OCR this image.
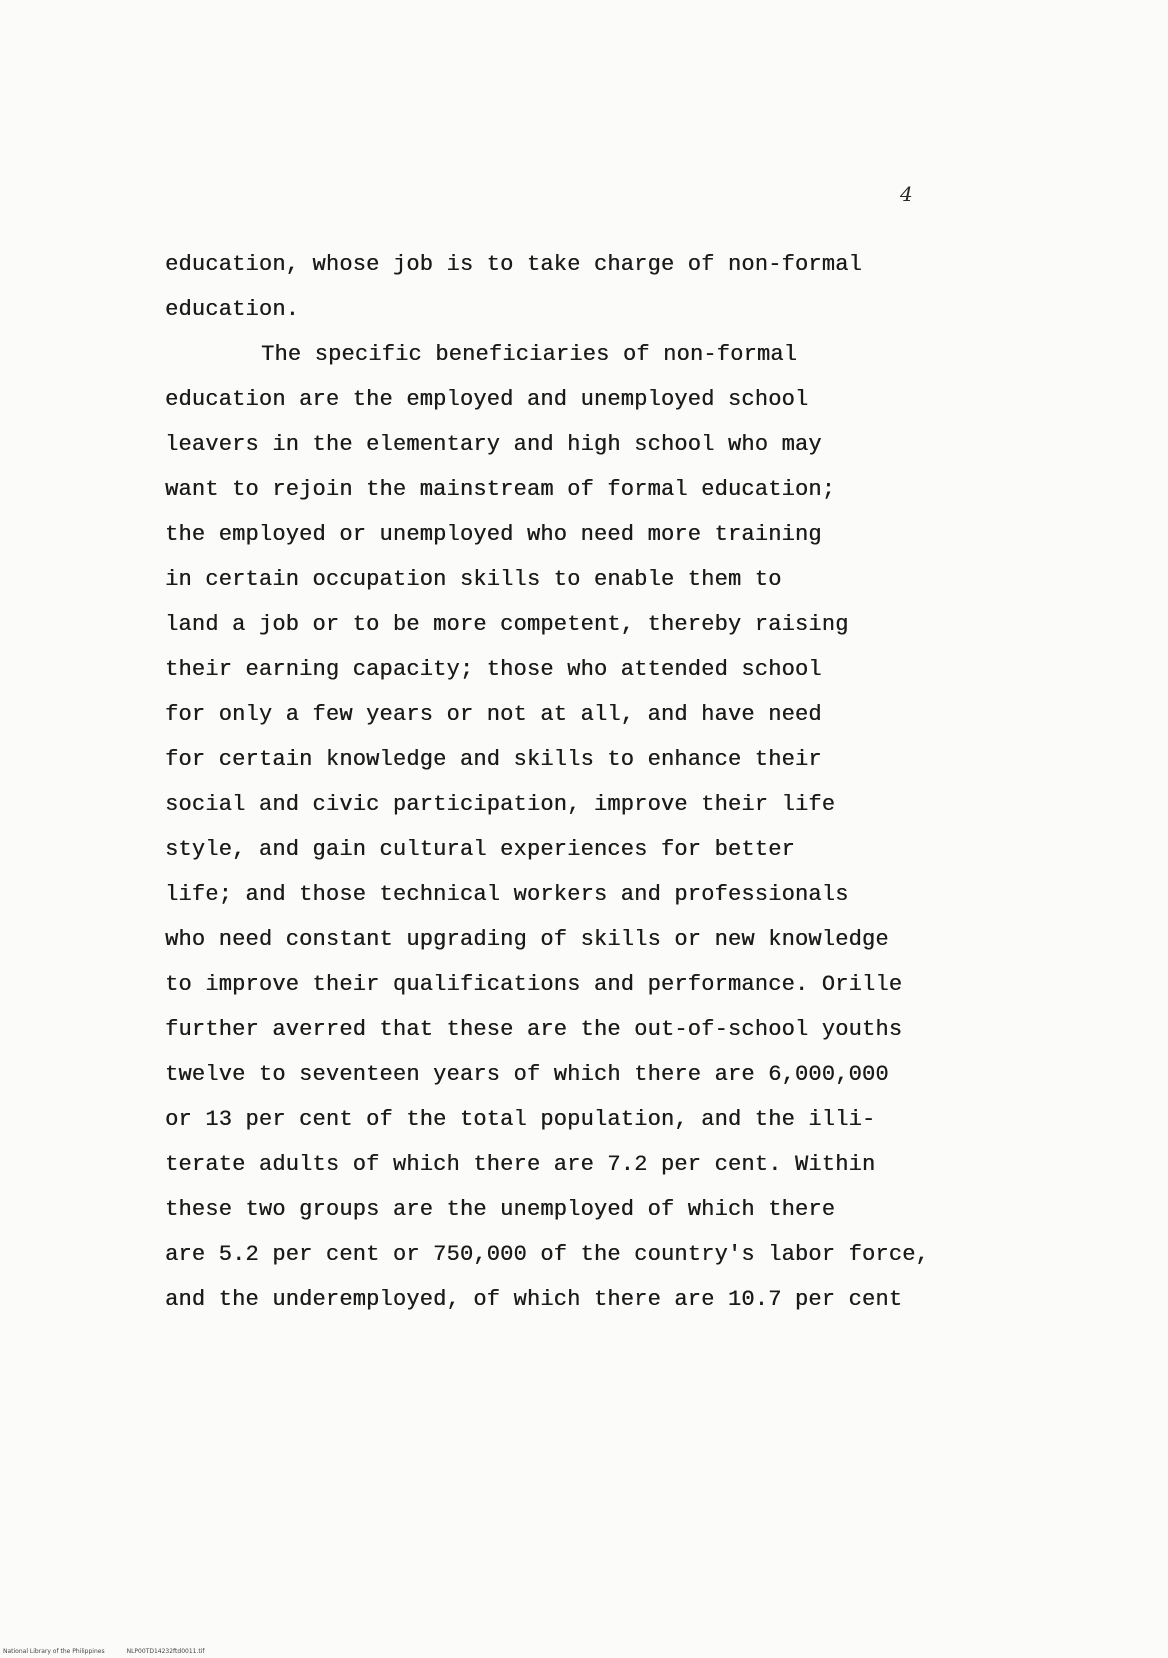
4
education, whose job is to take charge of non-formal
education.
The specific beneficiaries of non-formal
education are the employed and unemployed school
leavers in the elementary and high school who may
want to rejoin the mainstream of formal education;
the employed or unemployed who need more training
in certain occupation skills to enable them to
land a job or to be more competent, thereby raising
their earning capacity; those who attended school
for only a few years or not at all, and have need
for certain knowledge and skills to enhance their
social and civic participation, improve their life
style, and gain cultural experiences for better
life; and those technical workers and professionals
who need constant upgrading of skills or new knowledge
to improve their qualifications and performance. Orille
further averred that these are the out-of-school youths
twelve to seventeen years of which there are 6,000,000
or 13 per cent of the total population, and the illi-
terate adults of which there are 7.2 per cent. Within
these two groups are the unemployed of which there
are 5.2 per cent or 750,000 of the country's labor force,
and the underemployed, of which there are 10.7 per cent
National Library of the Philippines	NLP00TD14232ftd0011.tif
